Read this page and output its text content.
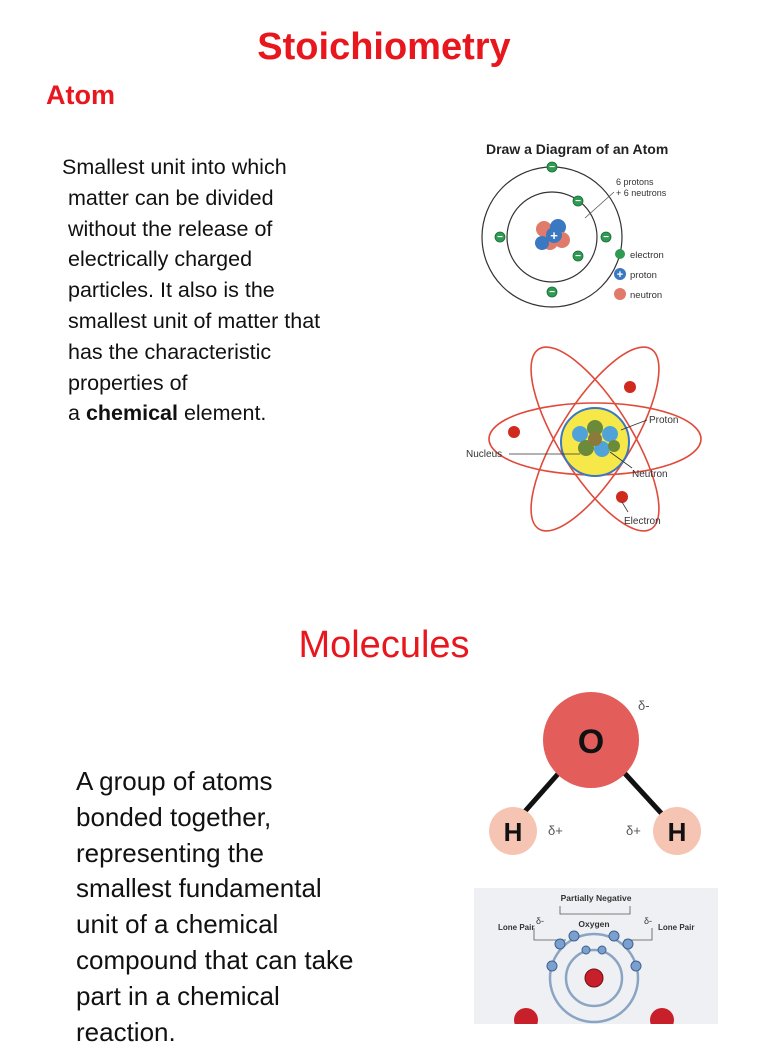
Stoichiometry
Atom
Smallest unit into which
matter can be divided
without the release of
electrically charged
particles. It also is the
smallest unit of matter that
has the characteristic
properties of
a chemical element.
Draw a Diagram of an Atom
+
−
−	−
−
−
−
6 protons
+ 6 neutrons
electron
+ proton
neutron
Proton
Nucleus
Neutron
Electron
Molecules
A group of atoms
bonded together,
representing the
smallest fundamental
unit of a chemical
compound that can take
part in a chemical
reaction.
O
δ-
H	H
δ+	δ+
Partially Negative
Oxygen
Lone Pair	Lone Pair
δ-	δ-
